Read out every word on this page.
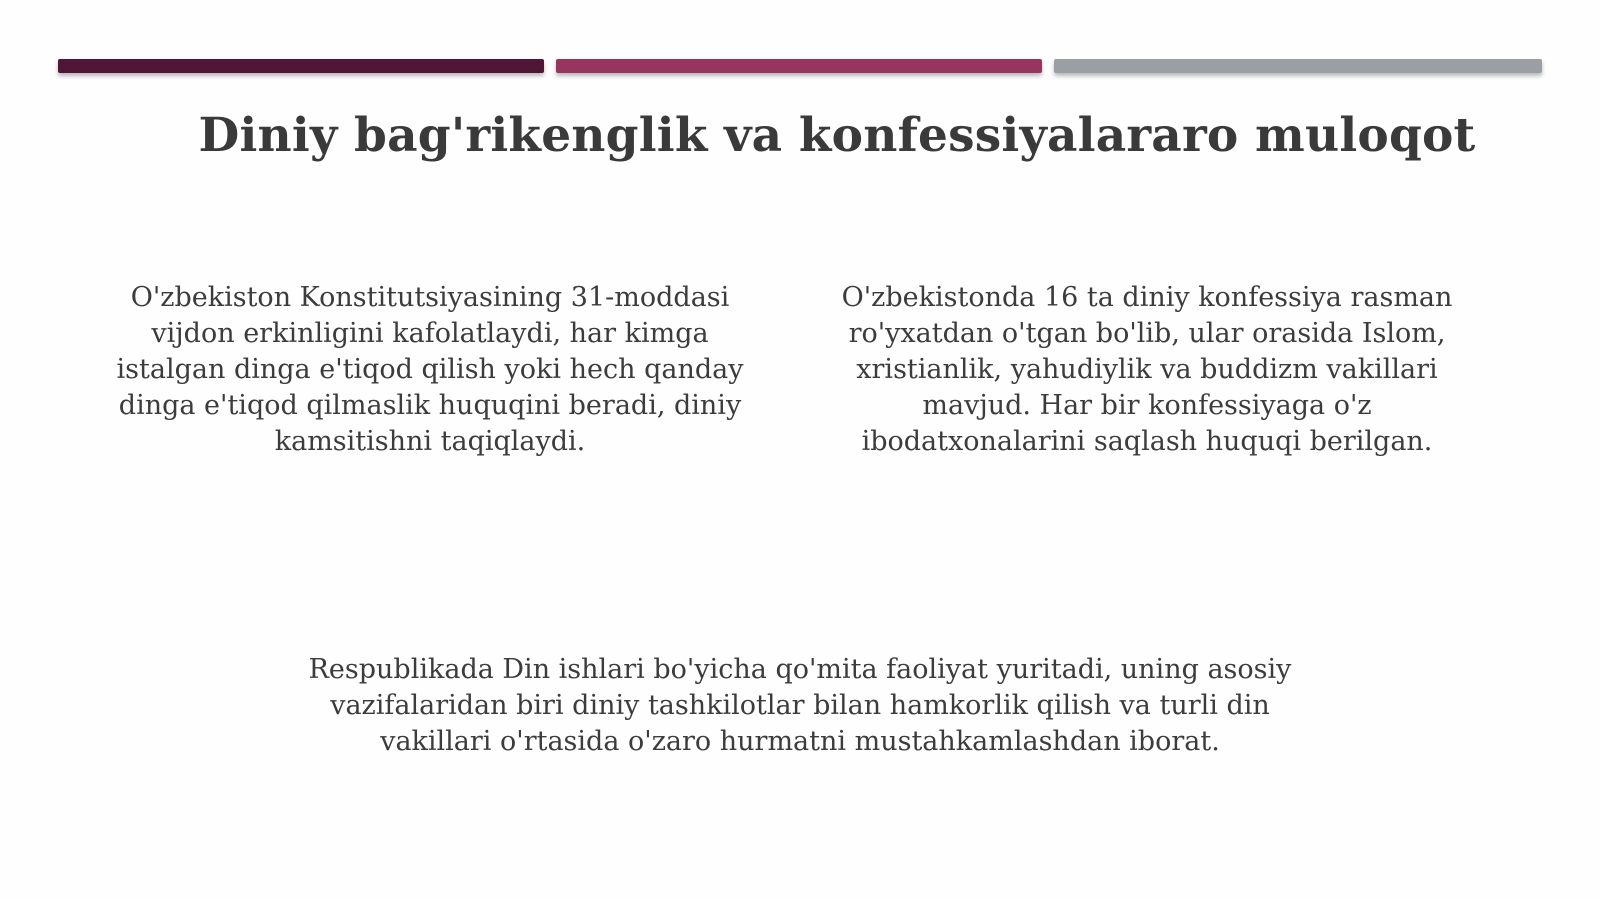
Diniy bag'rikenglik va konfessiyalararo muloqot

O'zbekiston Konstitutsiyasining 31-moddasi vijdon erkinligini kafolatlaydi, har kimga istalgan dinga e'tiqod qilish yoki hech qanday dinga e'tiqod qilmaslik huquqini beradi, diniy kamsitishni taqiqlaydi.

O'zbekistonda 16 ta diniy konfessiya rasman ro'yxatdan o'tgan bo'lib, ular orasida Islom, xristianlik, yahudiylik va buddizm vakillari mavjud. Har bir konfessiyaga o'z ibodatxonalarini saqlash huquqi berilgan.

Respublikada Din ishlari bo'yicha qo'mita faoliyat yuritadi, uning asosiy vazifalaridan biri diniy tashkilotlar bilan hamkorlik qilish va turli din vakillari o'rtasida o'zaro hurmatni mustahkamlashdan iborat.
